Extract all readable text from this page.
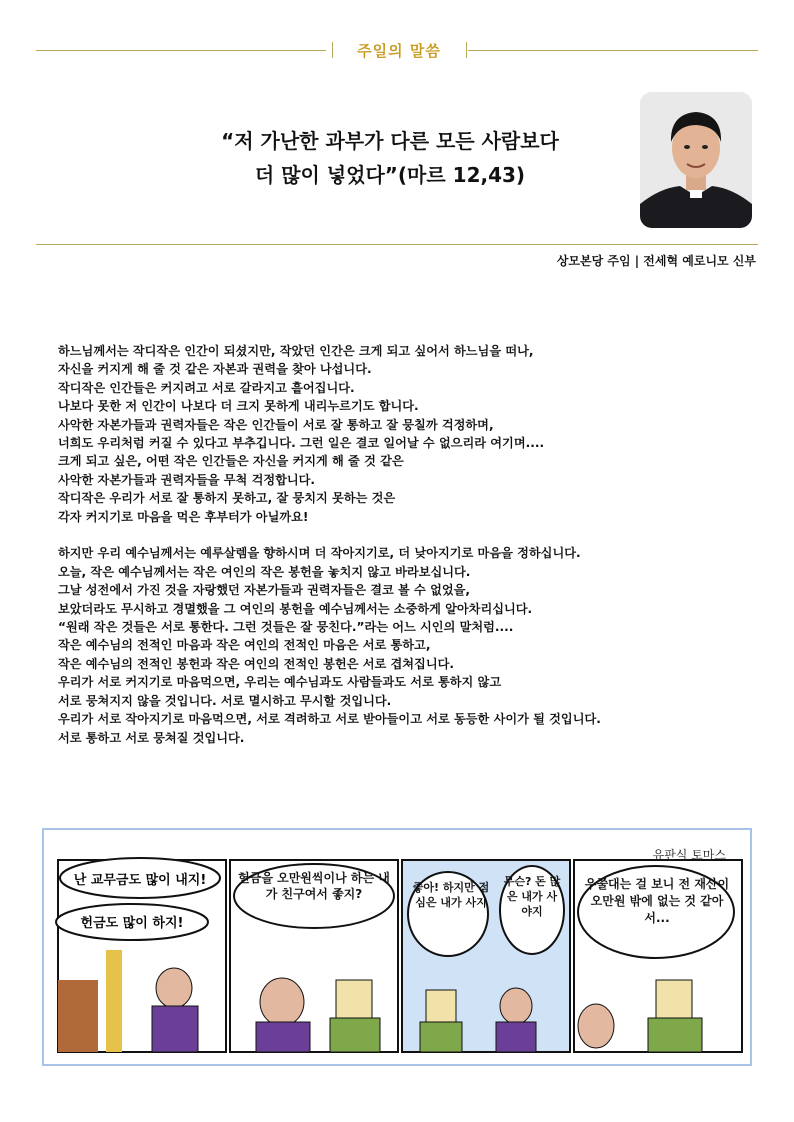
주일의 말씀
“저 가난한 과부가 다른 모든 사람보다
더 많이 넣었다”(마르 12,43)
상모본당 주임 | 전세혁 예로니모 신부
하느님께서는 작디작은 인간이 되셨지만, 작았던 인간은 크게 되고 싶어서 하느님을 떠나,
자신을 커지게 해 줄 것 같은 자본과 권력을 찾아 나섭니다.
작디작은 인간들은 커지려고 서로 갈라지고 흩어집니다.
나보다 못한 저 인간이 나보다 더 크지 못하게 내리누르기도 합니다.
사악한 자본가들과 권력자들은 작은 인간들이 서로 잘 통하고 잘 뭉칠까 걱정하며,
너희도 우리처럼 커질 수 있다고 부추깁니다. 그런 일은 결코 일어날 수 없으리라 여기며....
크게 되고 싶은, 어떤 작은 인간들은 자신을 커지게 해 줄 것 같은
사악한 자본가들과 권력자들을 무척 걱정합니다.
작디작은 우리가 서로 잘 통하지 못하고, 잘 뭉치지 못하는 것은
각자 커지기로 마음을 먹은 후부터가 아닐까요!
하지만 우리 예수님께서는 예루살렘을 향하시며 더 작아지기로, 더 낮아지기로 마음을 정하십니다.
오늘, 작은 예수님께서는 작은 여인의 작은 봉헌을 놓치지 않고 바라보십니다.
그날 성전에서 가진 것을 자랑했던 자본가들과 권력자들은 결코 볼 수 없었을,
보았더라도 무시하고 경멸했을 그 여인의 봉헌을 예수님께서는 소중하게 알아차리십니다.
“원래 작은 것들은 서로 통한다. 그런 것들은 잘 뭉친다.”라는 어느 시인의 말처럼....
작은 예수님의 전적인 마음과 작은 여인의 전적인 마음은 서로 통하고,
작은 예수님의 전적인 봉헌과 작은 여인의 전적인 봉헌은 서로 겹쳐집니다.
우리가 서로 커지기로 마음먹으면, 우리는 예수님과도 사람들과도 서로 통하지 않고
서로 뭉쳐지지 않을 것입니다. 서로 멸시하고 무시할 것입니다.
우리가 서로 작아지기로 마음먹으면, 서로 격려하고 서로 받아들이고 서로 동등한 사이가 될 것입니다.
서로 통하고 서로 뭉쳐질 것입니다.
난 교무금도 많이 내지!
헌금도 많이 하지!
헌금을 오만원씩이나 하는 내가 친구여서 좋지?	좋아! 하지만 점심은 내가 사지
무슨? 돈 많은 내가 사야지
우쭐대는 걸 보니 전 재산이 오만원 밖에 없는 것 같아서...
유판식 토마스
